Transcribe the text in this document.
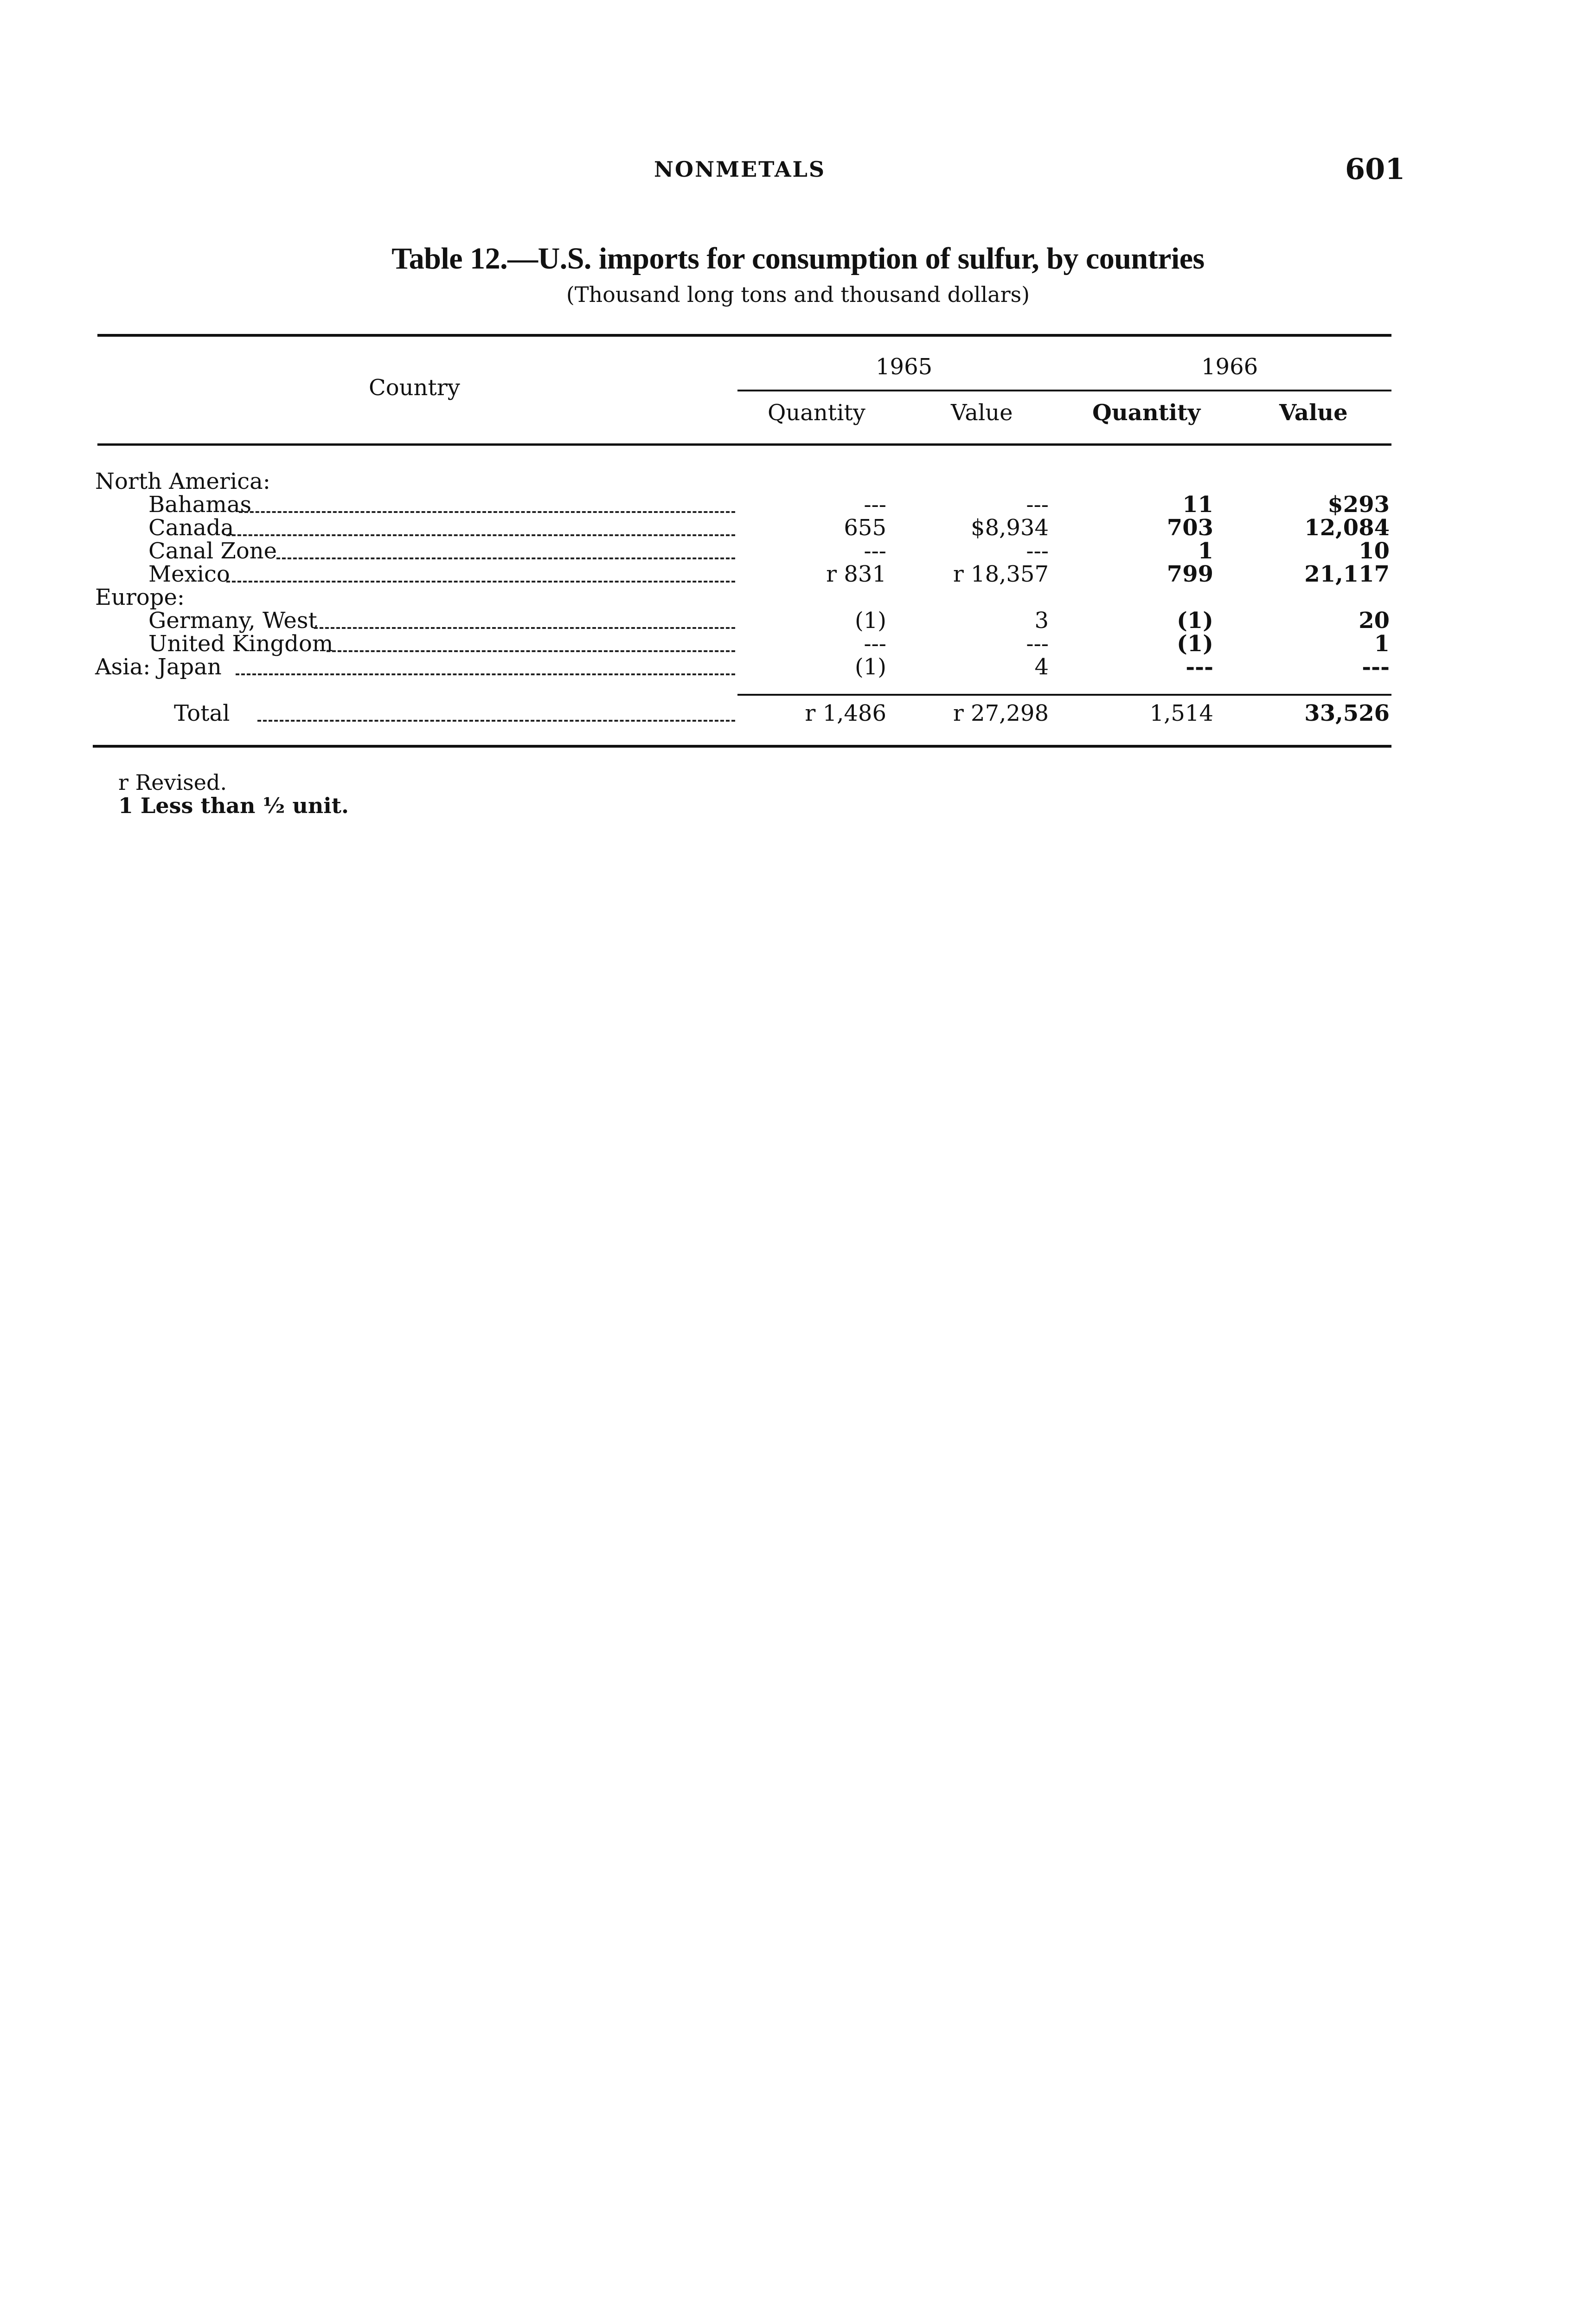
NONMETALS	601
Table 12.—U.S. imports for consumption of sulfur, by countries
(Thousand long tons and thousand dollars)
Country
1965	1966
Quantity	Value	Quantity	Value
North America:
Bahamas	---	---	11	$293
Canada	655	$8,934	703	12,084
Canal Zone	---	---	1	10
Mexico	r 831	r 18,357	799	21,117
Europe:
Germany, West	(1)	3	(1)	20
United Kingdom	---	---	(1)	1
Asia: Japan	(1)	4	---	---
Total	r 1,486	r 27,298	1,514	33,526
r Revised.
1 Less than ½ unit.
